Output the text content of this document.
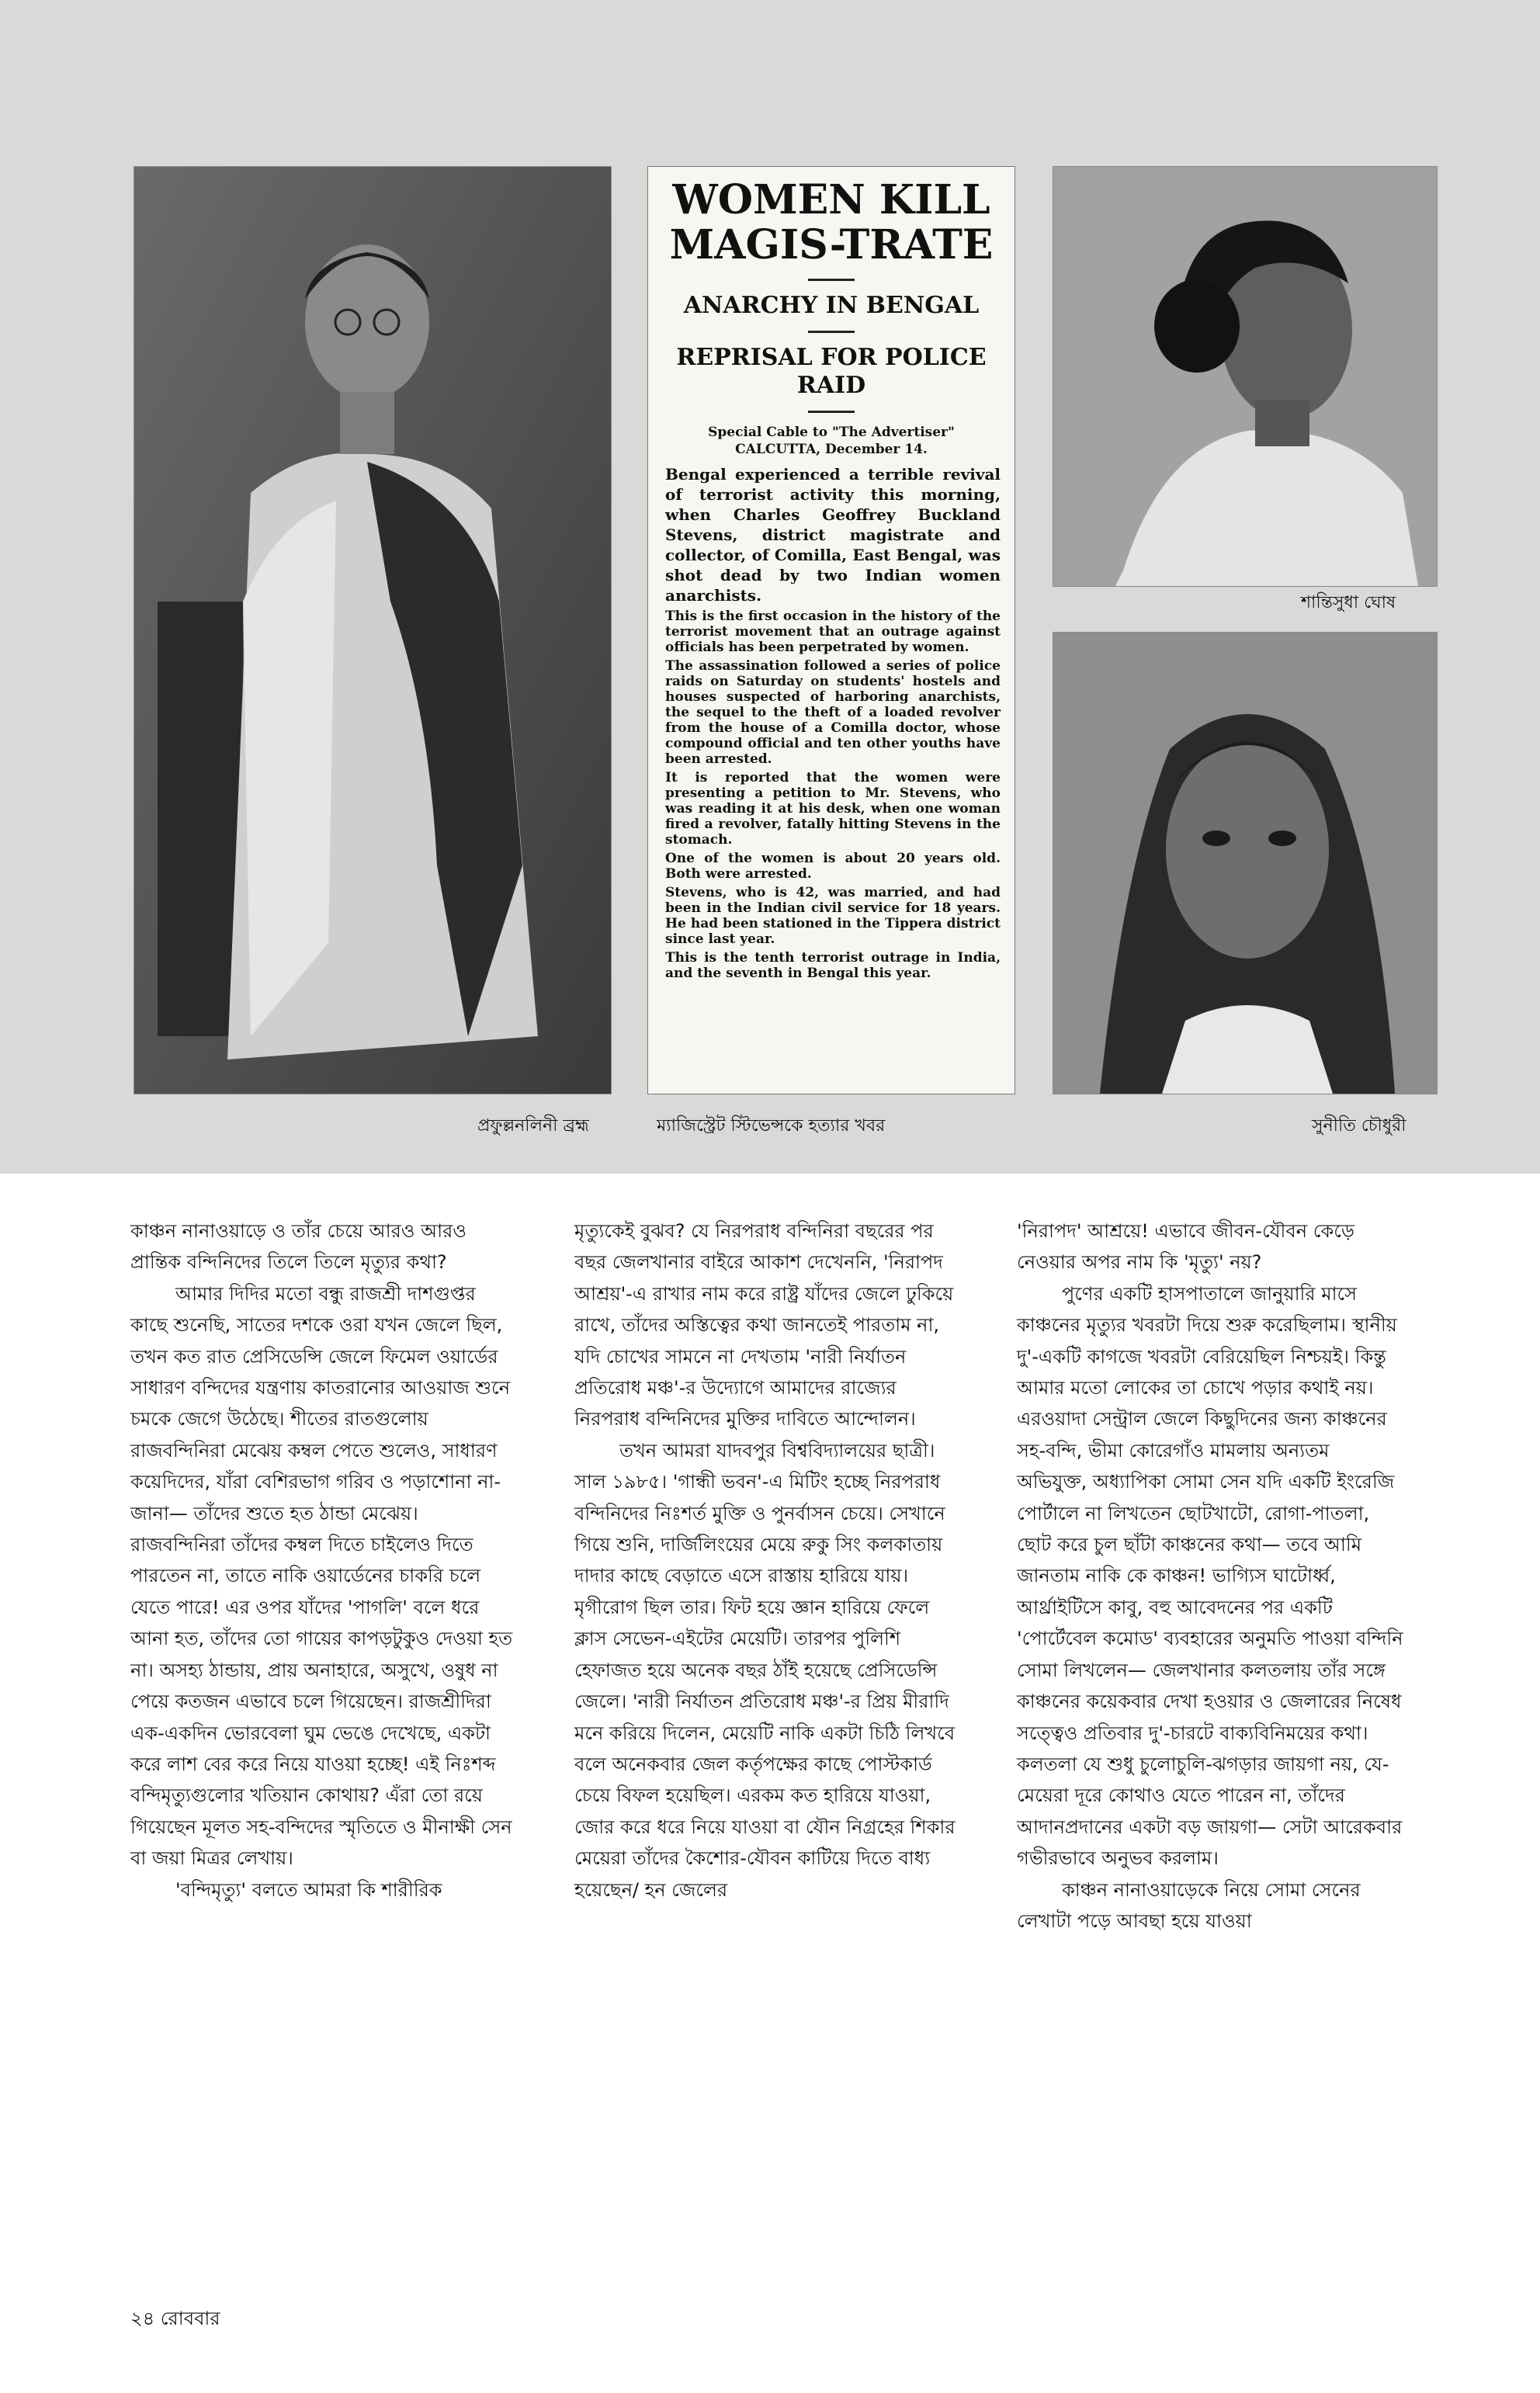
WOMEN KILL MAGIS-TRATE
ANARCHY IN BENGAL
REPRISAL FOR POLICE RAID
Special Cable to "The Advertiser"
CALCUTTA, December 14.
Bengal experienced a terrible revival of terrorist activity this morning, when Charles Geoffrey Buckland Stevens, district magistrate and collector, of Comilla, East Bengal, was shot dead by two Indian women anarchists.

This is the first occasion in the history of the terrorist movement that an outrage against officials has been perpetrated by women.

The assassination followed a series of police raids on Saturday on students' hostels and houses suspected of harboring anarchists, the sequel to the theft of a loaded revolver from the house of a Comilla doctor, whose compound official and ten other youths have been arrested.

It is reported that the women were presenting a petition to Mr. Stevens, who was reading it at his desk, when one woman fired a revolver, fatally hitting Stevens in the stomach.

One of the women is about 20 years old. Both were arrested.

Stevens, who is 42, was married, and had been in the Indian civil service for 18 years. He had been stationed in the Tippera district since last year.

This is the tenth terrorist outrage in India, and the seventh in Bengal this year.

শান্তিসুধা ঘোষ
প্রফুল্লনলিনী ব্রহ্ম	ম্যাজিস্ট্রেট স্টিভেন্সকে হত্যার খবর	সুনীতি চৌধুরী

কাঞ্চন নানাওয়াড়ে ও তাঁর চেয়ে আরও আরও প্রান্তিক বন্দিনিদের তিলে তিলে মৃত্যুর কথা?

আমার দিদির মতো বন্ধু রাজশ্রী দাশগুপ্তর কাছে শুনেছি, সাতের দশকে ওরা যখন জেলে ছিল, তখন কত রাত প্রেসিডেন্সি জেলে ফিমেল ওয়ার্ডের সাধারণ বন্দিদের যন্ত্রণায় কাতরানোর আওয়াজ শুনে চমকে জেগে উঠেছে। শীতের রাতগুলোয় রাজবন্দিনিরা মেঝেয় কম্বল পেতে শুলেও, সাধারণ কয়েদিদের, যাঁরা বেশিরভাগ গরিব ও পড়াশোনা না-জানা— তাঁদের শুতে হত ঠান্ডা মেঝেয়। রাজবন্দিনিরা তাঁদের কম্বল দিতে চাইলেও দিতে পারতেন না, তাতে নাকি ওয়ার্ডেনের চাকরি চলে যেতে পারে! এর ওপর যাঁদের 'পাগলি' বলে ধরে আনা হত, তাঁদের তো গায়ের কাপড়টুকুও দেওয়া হত না। অসহ্য ঠান্ডায়, প্রায় অনাহারে, অসুখে, ওষুধ না পেয়ে কতজন এভাবে চলে গিয়েছেন। রাজশ্রীদিরা এক-একদিন ভোরবেলা ঘুম ভেঙে দেখেছে, একটা করে লাশ বের করে নিয়ে যাওয়া হচ্ছে! এই নিঃশব্দ বন্দিমৃত্যুগুলোর খতিয়ান কোথায়? এঁরা তো রয়ে গিয়েছেন মূলত সহ-বন্দিদের স্মৃতিতে ও মীনাক্ষী সেন বা জয়া মিত্রর লেখায়।

'বন্দিমৃত্যু' বলতে আমরা কি শারীরিক

মৃত্যুকেই বুঝব? যে নিরপরাধ বন্দিনিরা বছরের পর বছর জেলখানার বাইরে আকাশ দেখেননি, 'নিরাপদ আশ্রয়'-এ রাখার নাম করে রাষ্ট্র যাঁদের জেলে ঢুকিয়ে রাখে, তাঁদের অস্তিত্বের কথা জানতেই পারতাম না, যদি চোখের সামনে না দেখতাম 'নারী নির্যাতন প্রতিরোধ মঞ্চ'-র উদ্যোগে আমাদের রাজ্যের নিরপরাধ বন্দিনিদের মুক্তির দাবিতে আন্দোলন।

তখন আমরা যাদবপুর বিশ্ববিদ্যালয়ের ছাত্রী। সাল ১৯৮৫। 'গান্ধী ভবন'-এ মিটিং হচ্ছে নিরপরাধ বন্দিনিদের নিঃশর্ত মুক্তি ও পুনর্বাসন চেয়ে। সেখানে গিয়ে শুনি, দার্জিলিংয়ের মেয়ে রুকু সিং কলকাতায় দাদার কাছে বেড়াতে এসে রাস্তায় হারিয়ে যায়। মৃগীরোগ ছিল তার। ফিট হয়ে জ্ঞান হারিয়ে ফেলে ক্লাস সেভেন-এইটের মেয়েটি। তারপর পুলিশি হেফাজত হয়ে অনেক বছর ঠাঁই হয়েছে প্রেসিডেন্সি জেলে। 'নারী নির্যাতন প্রতিরোধ মঞ্চ'-র প্রিয় মীরাদি মনে করিয়ে দিলেন, মেয়েটি নাকি একটা চিঠি লিখবে বলে অনেকবার জেল কর্তৃপক্ষের কাছে পোস্টকার্ড চেয়ে বিফল হয়েছিল। এরকম কত হারিয়ে যাওয়া, জোর করে ধরে নিয়ে যাওয়া বা যৌন নিগ্রহের শিকার মেয়েরা তাঁদের কৈশোর-যৌবন কাটিয়ে দিতে বাধ্য হয়েছেন/ হন জেলের

'নিরাপদ' আশ্রয়ে! এভাবে জীবন-যৌবন কেড়ে নেওয়ার অপর নাম কি 'মৃত্যু' নয়?

পুণের একটি হাসপাতালে জানুয়ারি মাসে কাঞ্চনের মৃত্যুর খবরটা দিয়ে শুরু করেছিলাম। স্থানীয় দু'-একটি কাগজে খবরটা বেরিয়েছিল নিশ্চয়ই। কিন্তু আমার মতো লোকের তা চোখে পড়ার কথাই নয়। এরওয়াদা সেন্ট্রাল জেলে কিছুদিনের জন্য কাঞ্চনের সহ-বন্দি, ভীমা কোরেগাঁও মামলায় অন্যতম অভিযুক্ত, অধ্যাপিকা সোমা সেন যদি একটি ইংরেজি পোর্টালে না লিখতেন ছোটখাটো, রোগা-পাতলা, ছোট করে চুল ছাঁটা কাঞ্চনের কথা— তবে আমি জানতাম নাকি কে কাঞ্চন! ভাগ্যিস ঘাটোর্ধ্ব, আর্থ্রাইটিসে কাবু, বহু আবেদনের পর একটি 'পোর্টেবেল কমোড' ব্যবহারের অনুমতি পাওয়া বন্দিনি সোমা লিখলেন— জেলখানার কলতলায় তাঁর সঙ্গে কাঞ্চনের কয়েকবার দেখা হওয়ার ও জেলারের নিষেধ সত্ত্বেও প্রতিবার দু'-চারটে বাক্যবিনিময়ের কথা। কলতলা যে শুধু চুলোচুলি-ঝগড়ার জায়গা নয়, যে-মেয়েরা দূরে কোথাও যেতে পারেন না, তাঁদের আদানপ্রদানের একটা বড় জায়গা— সেটা আরেকবার গভীরভাবে অনুভব করলাম।

কাঞ্চন নানাওয়াড়েকে নিয়ে সোমা সেনের লেখাটা পড়ে আবছা হয়ে যাওয়া

২৪ রোববার
